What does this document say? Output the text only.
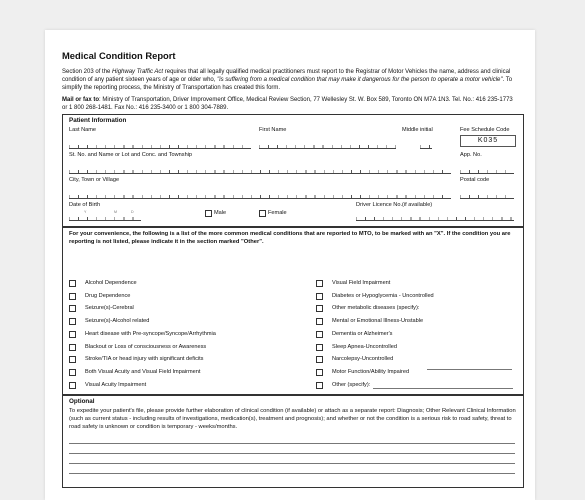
Medical Condition Report
Section 203 of the Highway Traffic Act requires that all legally qualified medical practitioners must report to the Registrar of Motor Vehicles the name, address and clinical condition of any patient sixteen years of age or older who, "is suffering from a medical condition that may make it dangerous for the person to operate a motor vehicle". To simplify the reporting process, the Ministry of Transportation has created this form.
Mail or fax to: Ministry of Transportation, Driver Improvement Office, Medical Review Section, 77 Wellesley St. W. Box 589, Toronto ON M7A 1N3. Tel. No.: 416 235-1773 or 1 800 268-1481. Fax No.: 416 235-3400 or 1 800 304-7889.
Patient Information
Last Name	First Name	Middle initial	Fee Schedule Code
K035
St. No. and Name or Lot and Conc. and Township	App. No.
City, Town or Village	Postal code
Date of Birth
Y	M	D	Male	Female
Driver Licence No.(if available)
For your convenience, the following is a list of the more common medical conditions that are reported to MTO, to be marked with an "X". If the condition you are reporting is not listed, please indicate it in the section marked "Other".
Alcohol Dependence
Drug Dependence
Seizure(s)-Cerebral
Seizure(s)-Alcohol related
Heart disease with Pre-syncope/Syncope/Arrhythmia
Blackout or Loss of consciousness or Awareness
Stroke/TIA or head injury with significant deficits
Both Visual Acuity and Visual Field Impairment
Visual Acuity Impairment
Visual Field Impairment
Diabetes or Hypoglycemia - Uncontrolled
Other metabolic diseases (specify):
Mental or Emotional Illness-Unstable
Dementia or Alzheimer's
Sleep Apnea-Uncontrolled
Narcolepsy-Uncontrolled
Motor Function/Ability Impaired
Other (specify):
Optional
To expedite your patient's file, please provide further elaboration of clinical condition (if available) or attach as a separate report: Diagnosis; Other Relevant Clinical Information (such as current status - including results of investigations, medication(s), treatment and prognosis); and whether or not the condition is a serious risk to road safety, threat to road safety is unknown or condition is temporary - weeks/months.
